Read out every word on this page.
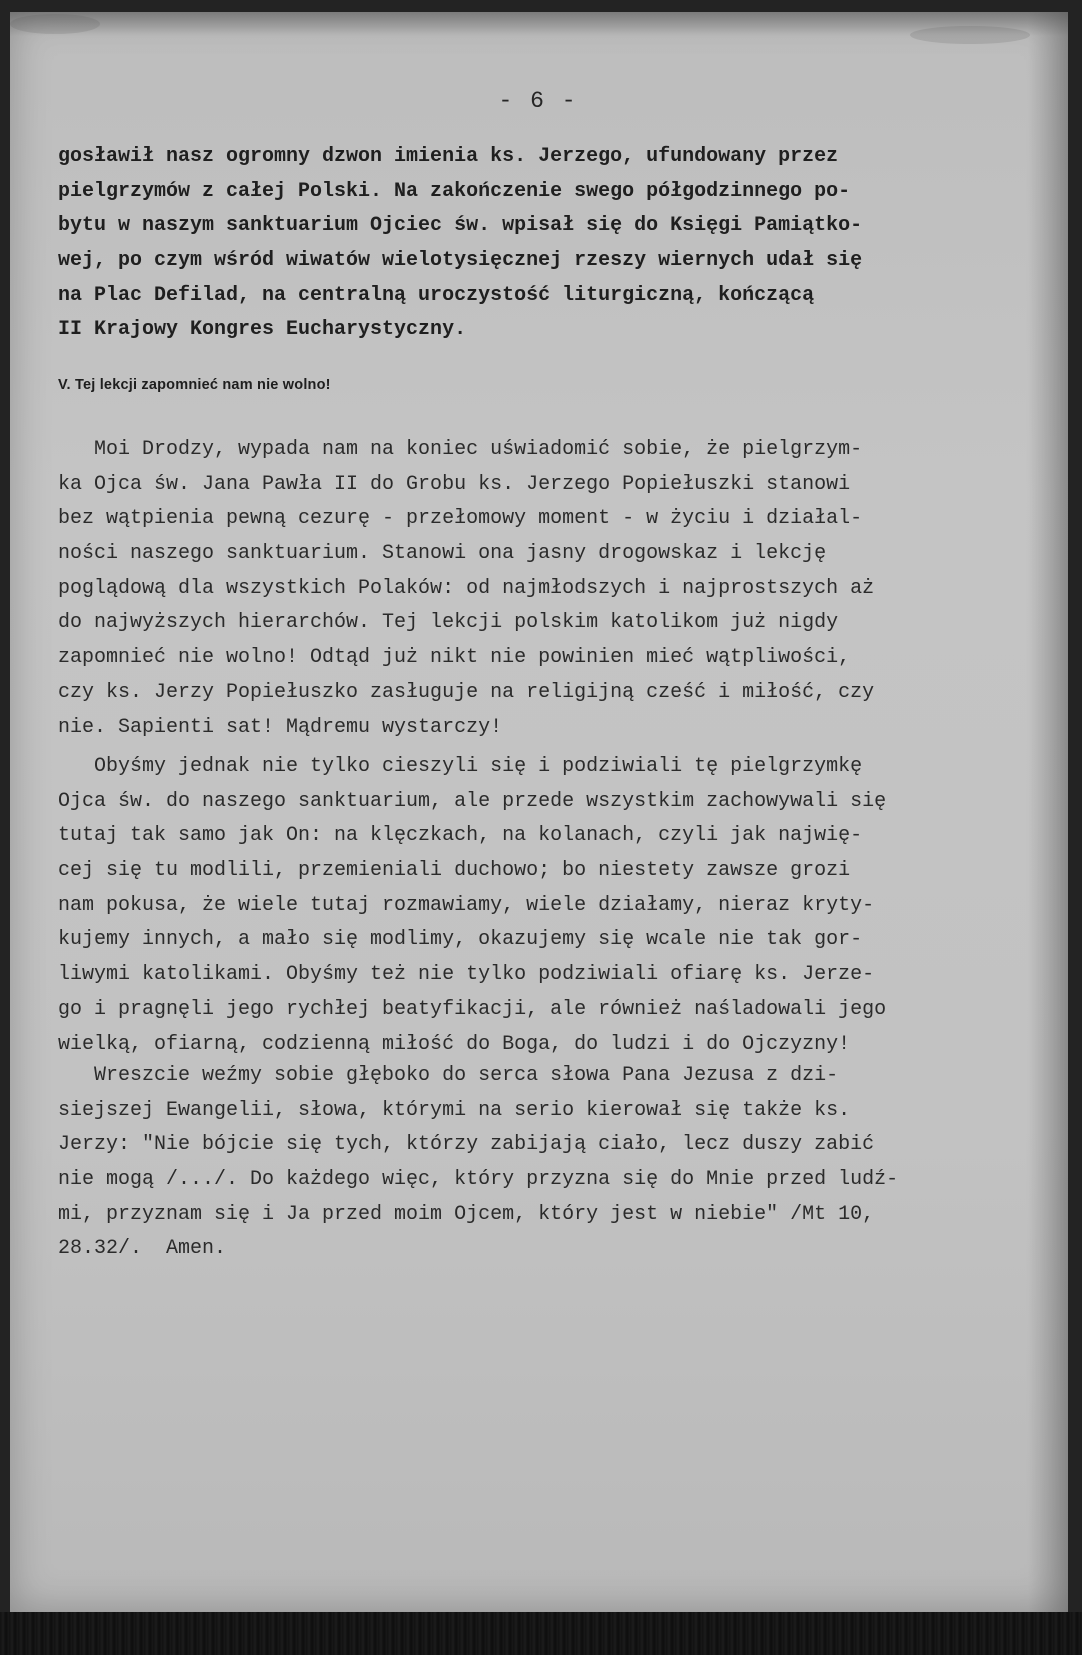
- 6 -
gosławił nasz ogromny dzwon imienia ks. Jerzego, ufundowany przez
pielgrzymów z całej Polski. Na zakończenie swego półgodzinnego po-
bytu w naszym sanktuarium Ojciec św. wpisał się do Księgi Pamiątko-
wej, po czym wśród wiwatów wielotysięcznej rzeszy wiernych udał się
na Plac Defilad, na centralną uroczystość liturgiczną, kończącą
II Krajowy Kongres Eucharystyczny.
V. Tej lekcji zapomnieć nam nie wolno!
Moi Drodzy, wypada nam na koniec uświadomić sobie, że pielgrzym-
ka Ojca św. Jana Pawła II do Grobu ks. Jerzego Popiełuszki stanowi
bez wątpienia pewną cezurę - przełomowy moment - w życiu i działal-
ności naszego sanktuarium. Stanowi ona jasny drogowskaz i lekcję
poglądową dla wszystkich Polaków: od najmłodszych i najprostszych aż
do najwyższych hierarchów. Tej lekcji polskim katolikom już nigdy
zapomnieć nie wolno! Odtąd już nikt nie powinien mieć wątpliwości,
czy ks. Jerzy Popiełuszko zasługuje na religijną cześć i miłość, czy
nie. Sapienti sat! Mądremu wystarczy!
Obyśmy jednak nie tylko cieszyli się i podziwiali tę pielgrzymkę
Ojca św. do naszego sanktuarium, ale przede wszystkim zachowywali się
tutaj tak samo jak On: na klęczkach, na kolanach, czyli jak najwię-
cej się tu modlili, przemieniali duchowo; bo niestety zawsze grozi
nam pokusa, że wiele tutaj rozmawiamy, wiele działamy, nieraz kryty-
kujemy innych, a mało się modlimy, okazujemy się wcale nie tak gor-
liwymi katolikami. Obyśmy też nie tylko podziwiali ofiarę ks. Jerze-
go i pragnęli jego rychłej beatyfikacji, ale również naśladowali jego
wielką, ofiarną, codzienną miłość do Boga, do ludzi i do Ojczyzny!
Wreszcie weźmy sobie głęboko do serca słowa Pana Jezusa z dzi-
siejszej Ewangelii, słowa, którymi na serio kierował się także ks.
Jerzy: "Nie bójcie się tych, którzy zabijają ciało, lecz duszy zabić
nie mogą /.../. Do każdego więc, który przyzna się do Mnie przed ludź-
mi, przyznam się i Ja przed moim Ojcem, który jest w niebie" /Mt 10,
28.32/.  Amen.
